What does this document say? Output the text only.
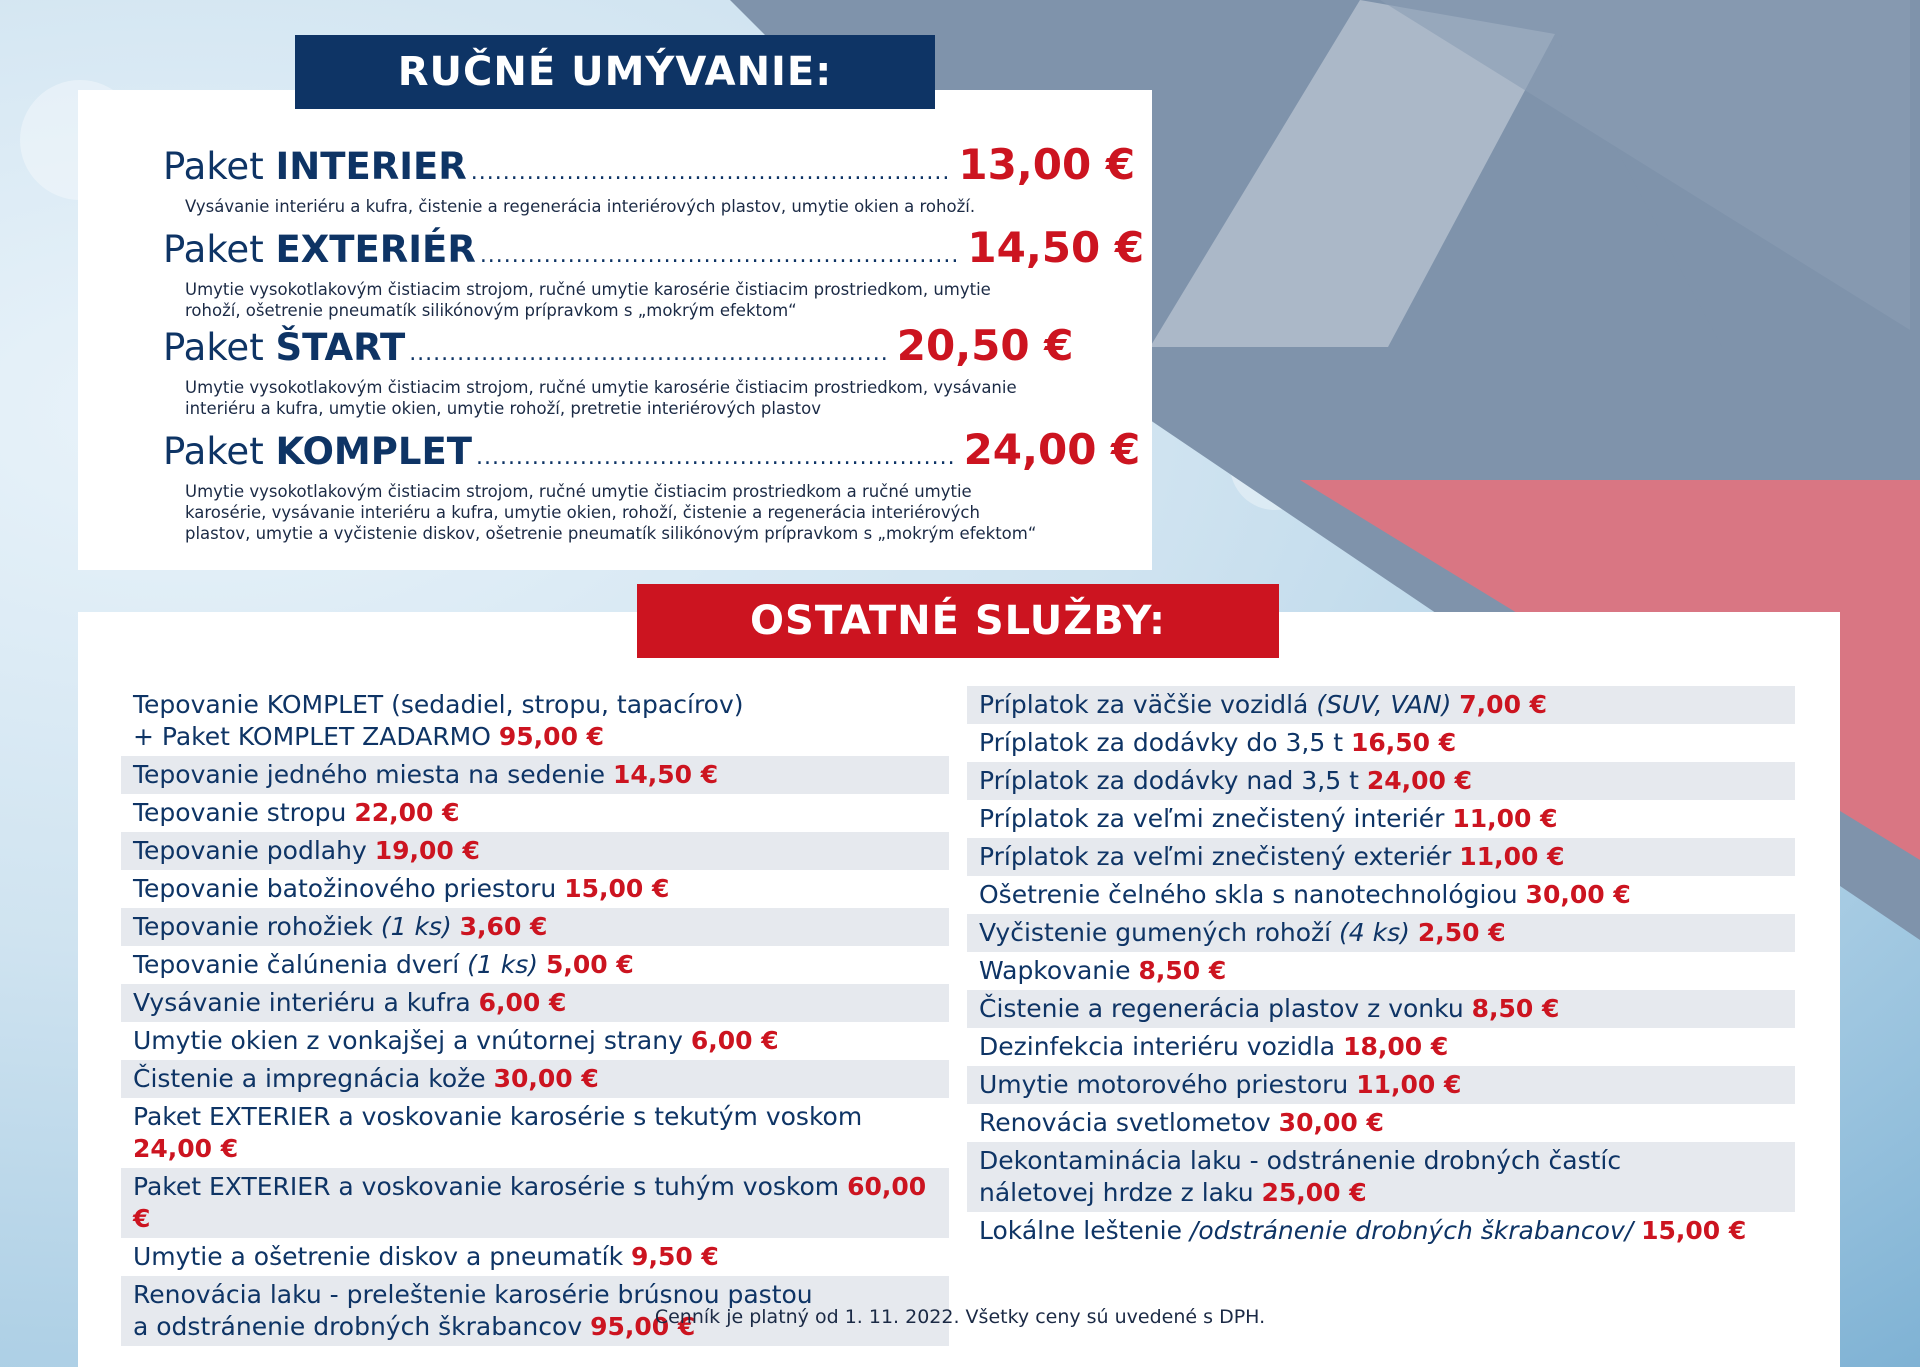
RUČNÉ UMÝVANIE:
Paket INTERIER ............................................................ 13,00 €
Vysávanie interiéru a kufra, čistenie a regenerácia interiérových plastov, umytie okien a rohoží.
Paket EXTERIÉR ............................................................ 14,50 €
Umytie vysokotlakovým čistiacim strojom, ručné umytie karosérie čistiacim prostriedkom, umytie rohoží, ošetrenie pneumatík silikónovým prípravkom s „mokrým efektom“
Paket ŠTART ............................................................ 20,50 €
Umytie vysokotlakovým čistiacim strojom, ručné umytie karosérie čistiacim prostriedkom, vysávanie interiéru a kufra, umytie okien, umytie rohoží, pretretie interiérových plastov
Paket KOMPLET ............................................................ 24,00 €
Umytie vysokotlakovým čistiacim strojom, ručné umytie čistiacim prostriedkom a ručné umytie karosérie, vysávanie interiéru a kufra, umytie okien, rohoží, čistenie a regenerácia interiérových plastov, umytie a vyčistenie diskov, ošetrenie pneumatík silikónovým prípravkom s „mokrým efektom“
OSTATNÉ SLUŽBY:
Tepovanie KOMPLET (sedadiel, stropu, tapacírov)
+ Paket KOMPLET ZADARMO 95,00 €
Tepovanie jedného miesta na sedenie 14,50 €
Tepovanie stropu 22,00 €
Tepovanie podlahy 19,00 €
Tepovanie batožinového priestoru 15,00 €
Tepovanie rohožiek (1 ks) 3,60 €
Tepovanie čalúnenia dverí (1 ks) 5,00 €
Vysávanie interiéru a kufra 6,00 €
Umytie okien z vonkajšej a vnútornej strany 6,00 €
Čistenie a impregnácia kože 30,00 €
Paket EXTERIER a voskovanie karosérie s tekutým voskom 24,00 €
Paket EXTERIER a voskovanie karosérie s tuhým voskom 60,00 €
Umytie a ošetrenie diskov a pneumatík 9,50 €
Renovácia laku - preleštenie karosérie brúsnou pastou
a odstránenie drobných škrabancov 95,00 €
Príplatok za väčšie vozidlá (SUV, VAN) 7,00 €
Príplatok za dodávky do 3,5 t 16,50 €
Príplatok za dodávky nad 3,5 t 24,00 €
Príplatok za veľmi znečistený interiér 11,00 €
Príplatok za veľmi znečistený exteriér 11,00 €
Ošetrenie čelného skla s nanotechnológiou 30,00 €
Vyčistenie gumených rohoží (4 ks) 2,50 €
Wapkovanie 8,50 €
Čistenie a regenerácia plastov z vonku 8,50 €
Dezinfekcia interiéru vozidla 18,00 €
Umytie motorového priestoru 11,00 €
Renovácia svetlometov 30,00 €
Dekontaminácia laku - odstránenie drobných častíc
náletovej hrdze z laku 25,00 €
Lokálne leštenie /odstránenie drobných škrabancov/ 15,00 €
Cenník je platný od 1. 11. 2022. Všetky ceny sú uvedené s DPH.
